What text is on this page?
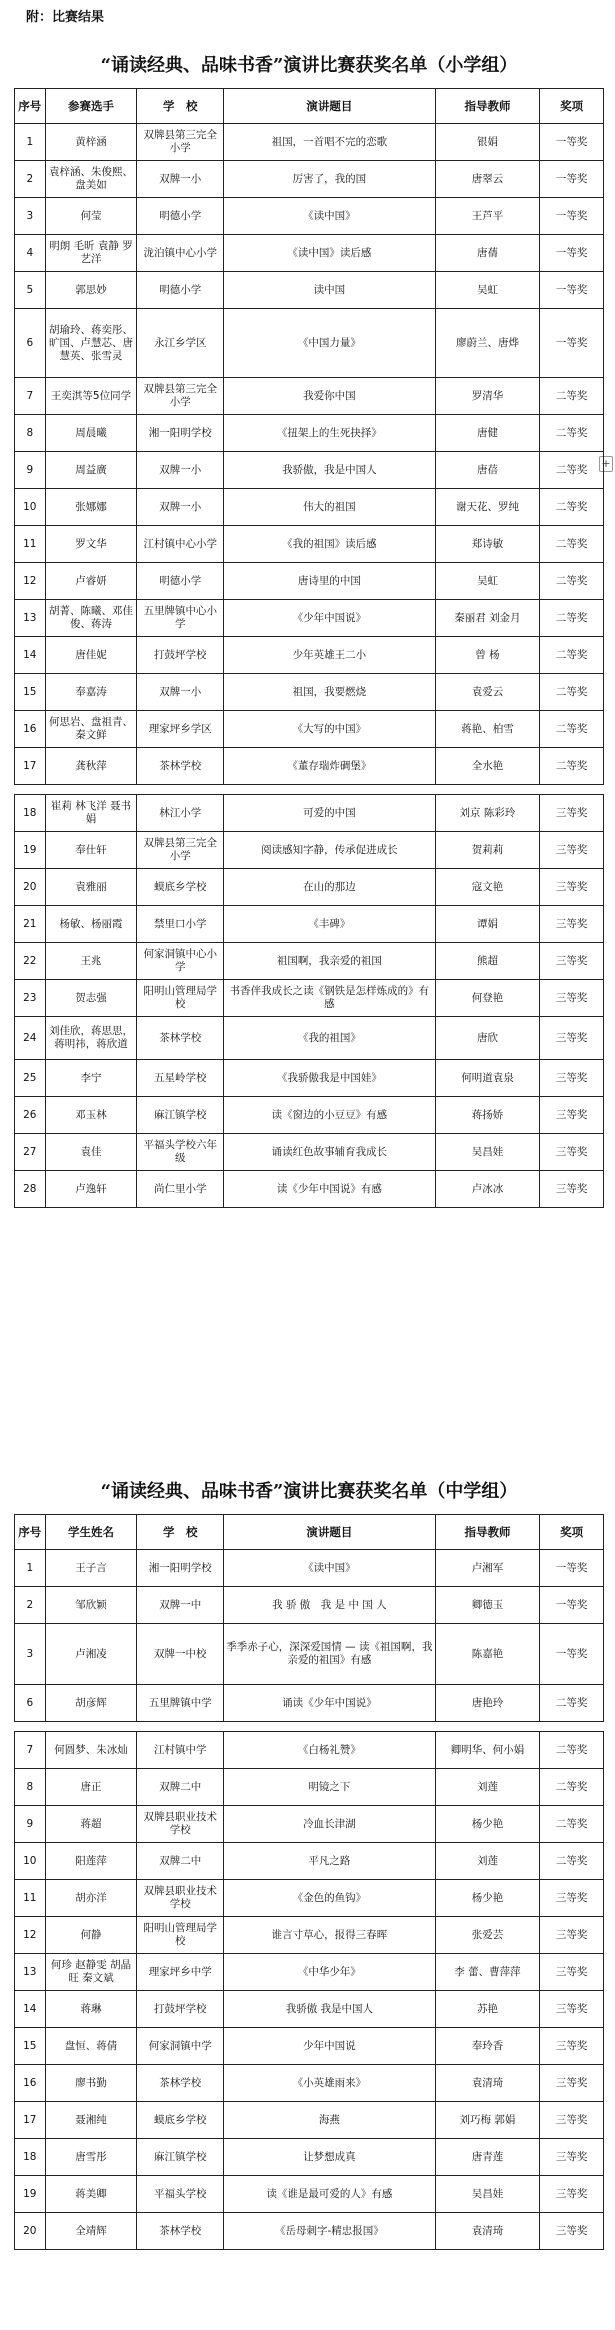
附：比赛结果
+
“诵读经典、品味书香”演讲比赛获奖名单（小学组）
序号	参赛选手	学　校	演讲题目	指导教师	奖项
1	黄梓涵	双牌县第三完全小学	祖国，一首唱不完的恋歌	银娟	一等奖
2	袁梓涵、朱俊熙、盘美如	双牌一小	厉害了，我的国	唐翠云	一等奖
3	何莹	明德小学	《读中国》	王芦平	一等奖
4	明朗 毛昕 袁静 罗艺洋	泷泊镇中心小学	《读中国》读后感	唐蒨	一等奖
5	郭思妙	明德小学	读中国	吴虹	一等奖
6	胡瑜玲、蒋奕彤、旷国、卢慧芯、唐慧英、张雪灵	永江乡学区	《中国力量》	廖蔚兰、唐烨	一等奖
7	王奕淇等5位同学	双牌县第三完全小学	我爱你中国	罗清华	二等奖
8	周晨曦	湘一阳明学校	《扭架上的生死抉择》	唐健	二等奖
9	周益廣	双牌一小	我骄傲，我是中国人	唐蓓	二等奖
10	张娜娜	双牌一小	伟大的祖国	谢天花、罗纯	二等奖
11	罗文华	江村镇中心小学	《我的祖国》读后感	郑诗敏	二等奖
12	卢睿妍	明德小学	唐诗里的中国	吴虹	二等奖
13	胡菁、陈曦、邓佳俊、蒋涛	五里牌镇中心小学	《少年中国说》	秦丽君 刘金月	二等奖
14	唐佳妮	打鼓坪学校	少年英雄王二小	曾 杨	二等奖
15	奉嘉涛	双牌一小	祖国，我要燃烧	袁爱云	二等奖
16	何思岩、盘祖青、秦文鲜	理家坪乡学区	《大写的中国》	蒋艳、柏雪	二等奖
17	龚秋萍	茶林学校	《董存瑞炸碉堡》	全水艳	二等奖

18	崔莉 林飞洋 聂书娟	林江小学	可爱的中国	刘京 陈彩玲	三等奖
19	奉仕轩	双牌县第三完全小学	阅读感知字静，传承促进成长	贺莉莉	三等奖
20	袁雅丽	蟆底乡学校	在山的那边	寇文艳	三等奖
21	杨敏、杨丽霞	禁里口小学	《丰碑》	谭娟	三等奖
22	王兆	何家洞镇中心小学	祖国啊，我亲爱的祖国	熊超	三等奖
23	贺志强	阳明山管理局学校	书香伴我成长之读《钢铁是怎样炼成的》有感	何登艳	三等奖
24	刘佳欣，蒋思思，蒋明祎，蒋欣道	茶林学校	《我的祖国》	唐欣	三等奖
25	李宁	五星岭学校	《我骄傲我是中国娃》	何明道袁泉	三等奖
26	邓玉林	麻江镇学校	读《窗边的小豆豆》有感	蒋扬娇	三等奖
27	袁佳	平福头学校六年级	诵读红色故事辅育我成长	吴昌娃	三等奖
28	卢逸轩	尚仁里小学	读《少年中国说》有感	卢冰冰	三等奖
“诵读经典、品味书香”演讲比赛获奖名单（中学组）
序号	学生姓名	学　校	演讲题目	指导教师	奖项
1	王子言	湘一阳明学校	《读中国》	卢湘军	一等奖
2	邹欣颖	双牌一中	我 骄 傲　我 是 中 国 人	卿德玉	一等奖
3	卢湘凌	双牌一中校	季季赤子心，深深爱国情 — 读《祖国啊，我亲爱的祖国》有感	陈嘉艳	一等奖
6	胡彦辉	五里牌镇中学	诵读《少年中国说》	唐艳玲	二等奖

7	何圆梦、朱冰灿	江村镇中学	《白杨礼赞》	卿明华、何小娟	二等奖
8	唐正	双牌二中	明镜之下	刘莲	二等奖
9	蒋超	双牌县职业技术学校	冷血长津湖	杨少艳	二等奖
10	阳莲萍	双牌二中	平凡之路	刘莲	二等奖
11	胡亦洋	双牌县职业技术学校	《金色的鱼钩》	杨少艳	三等奖
12	何静	阳明山管理局学校	谁言寸草心，报得三春晖	张爱芸	三等奖
13	何珍 赵静雯 胡晶旺 秦文斌	理家坪乡中学	《中华少年》	李 蕾、曹萍萍	三等奖
14	蒋琳	打鼓坪学校	我骄傲 我是中国人	苏艳	三等奖
15	盘恒、蒋倩	何家洞镇中学	少年中国说	奉玲香	三等奖
16	廖书勤	茶林学校	《小英雄雨来》	袁清琦	三等奖
17	聂湘纯	蟆底乡学校	海燕	刘巧梅 郭娟	三等奖
18	唐雪彤	麻江镇学校	让梦想成真	唐青莲	三等奖
19	蒋美卿	平福头学校	读《谁是最可爱的人》有感	吴昌娃	三等奖
20	全靖辉	茶林学校	《岳母刺字-精忠报国》	袁清琦	三等奖
